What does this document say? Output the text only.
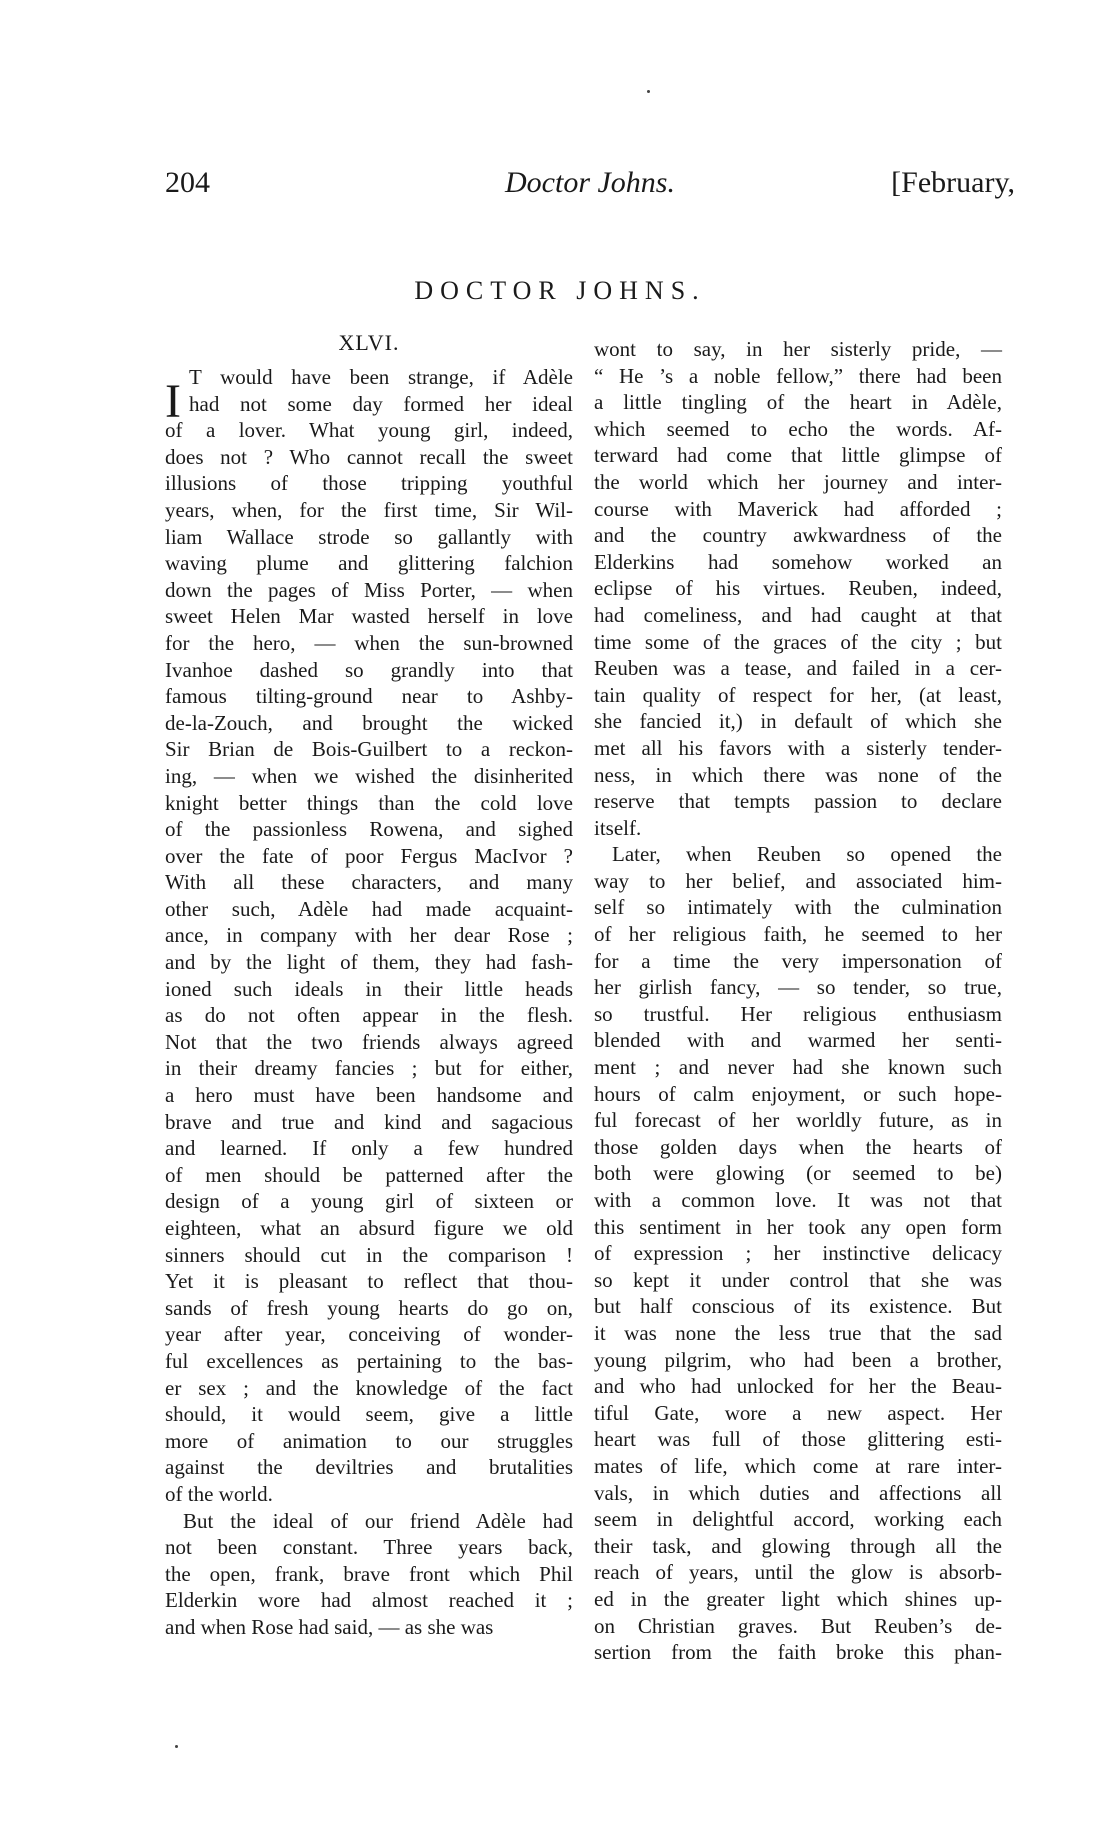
204	Doctor Johns.	[February,
DOCTOR JOHNS.
XLVI.
I T would have been strange, if Adèle
had not some day formed her ideal
of a lover. What young girl, indeed,
does not ? Who cannot recall the sweet
illusions of those tripping youthful
years, when, for the first time, Sir Wil-
liam Wallace strode so gallantly with
waving plume and glittering falchion
down the pages of Miss Porter, — when
sweet Helen Mar wasted herself in love
for the hero, — when the sun-browned
Ivanhoe dashed so grandly into that
famous tilting-ground near to Ashby-
de-la-Zouch, and brought the wicked
Sir Brian de Bois-Guilbert to a reckon-
ing, — when we wished the disinherited
knight better things than the cold love
of the passionless Rowena, and sighed
over the fate of poor Fergus MacIvor ?
With all these characters, and many
other such, Adèle had made acquaint-
ance, in company with her dear Rose ;
and by the light of them, they had fash-
ioned such ideals in their little heads
as do not often appear in the flesh.
Not that the two friends always agreed
in their dreamy fancies ; but for either,
a hero must have been handsome and
brave and true and kind and sagacious
and learned. If only a few hundred
of men should be patterned after the
design of a young girl of sixteen or
eighteen, what an absurd figure we old
sinners should cut in the comparison !
Yet it is pleasant to reflect that thou-
sands of fresh young hearts do go on,
year after year, conceiving of wonder-
ful excellences as pertaining to the bas-
er sex ; and the knowledge of the fact
should, it would seem, give a little
more of animation to our struggles
against the deviltries and brutalities
of the world.
But the ideal of our friend Adèle had
not been constant. Three years back,
the open, frank, brave front which Phil
Elderkin wore had almost reached it ;
and when Rose had said, — as she was
wont to say, in her sisterly pride, —
“ He ’s a noble fellow,” there had been
a little tingling of the heart in Adèle,
which seemed to echo the words. Af-
terward had come that little glimpse of
the world which her journey and inter-
course with Maverick had afforded ;
and the country awkwardness of the
Elderkins had somehow worked an
eclipse of his virtues. Reuben, indeed,
had comeliness, and had caught at that
time some of the graces of the city ; but
Reuben was a tease, and failed in a cer-
tain quality of respect for her, (at least,
she fancied it,) in default of which she
met all his favors with a sisterly tender-
ness, in which there was none of the
reserve that tempts passion to declare
itself.
Later, when Reuben so opened the
way to her belief, and associated him-
self so intimately with the culmination
of her religious faith, he seemed to her
for a time the very impersonation of
her girlish fancy, — so tender, so true,
so trustful. Her religious enthusiasm
blended with and warmed her senti-
ment ; and never had she known such
hours of calm enjoyment, or such hope-
ful forecast of her worldly future, as in
those golden days when the hearts of
both were glowing (or seemed to be)
with a common love. It was not that
this sentiment in her took any open form
of expression ; her instinctive delicacy
so kept it under control that she was
but half conscious of its existence. But
it was none the less true that the sad
young pilgrim, who had been a brother,
and who had unlocked for her the Beau-
tiful Gate, wore a new aspect. Her
heart was full of those glittering esti-
mates of life, which come at rare inter-
vals, in which duties and affections all
seem in delightful accord, working each
their task, and glowing through all the
reach of years, until the glow is absorb-
ed in the greater light which shines up-
on Christian graves. But Reuben’s de-
sertion from the faith broke this phan-
